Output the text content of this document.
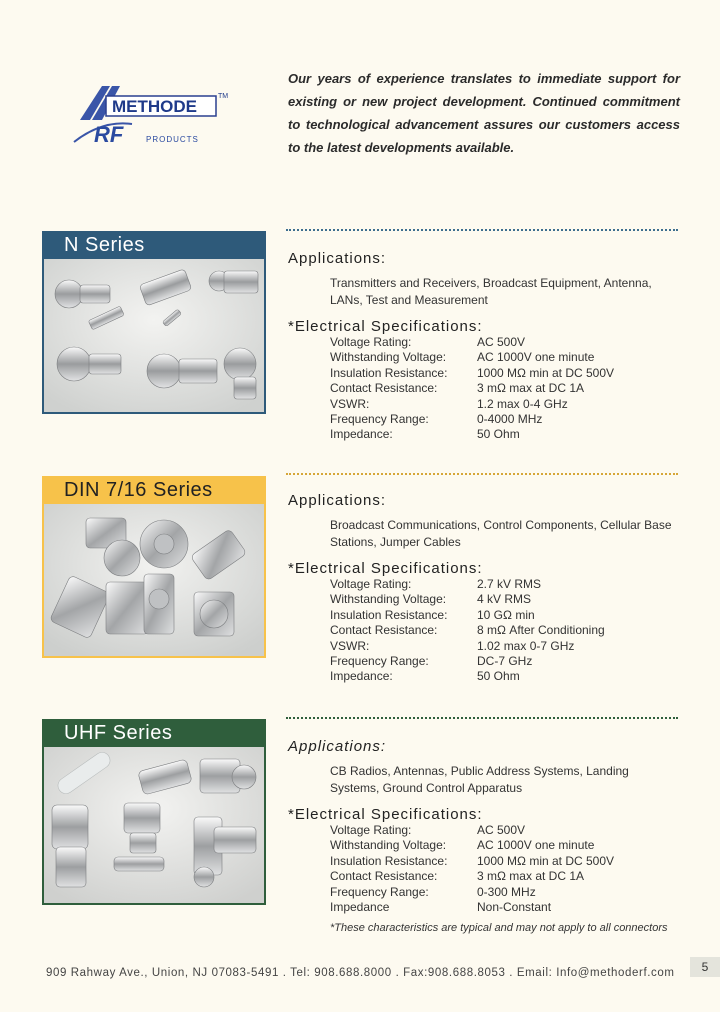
METHODE
TM
RF	PRODUCTS
Our years of experience translates to immediate support for existing or new project development. Continued commitment to technological advancement assures our customers access to the latest developments available.
N Series
Applications:
Transmitters and Receivers, Broadcast Equipment, Antenna, LANs, Test and Measurement
*Electrical Specifications:
Voltage Rating:	AC 500V
Withstanding Voltage:	AC 1000V one minute
Insulation Resistance:	1000 MΩ min at DC 500V
Contact Resistance:	3 mΩ max at DC 1A
VSWR:	1.2 max 0-4 GHz
Frequency Range:	0-4000 MHz
Impedance:	50 Ohm
DIN 7/16 Series	Applications:
Broadcast Communications, Control Components, Cellular Base Stations, Jumper Cables
*Electrical Specifications:
Voltage Rating:	2.7 kV RMS
Withstanding Voltage:	4 kV RMS
Insulation Resistance:	10 GΩ min
Contact Resistance:	8 mΩ After Conditioning
VSWR:	1.02 max 0-7 GHz
Frequency Range:	DC-7 GHz
Impedance:	50 Ohm
UHF Series
Applications:
CB Radios, Antennas, Public Address Systems, Landing Systems, Ground Control Apparatus
*Electrical Specifications:
Voltage Rating:	AC 500V
Withstanding Voltage:	AC 1000V one minute
Insulation Resistance:	1000 MΩ min at DC 500V
Contact Resistance:	3 mΩ max at DC 1A
Frequency Range:	0-300 MHz
Impedance	Non-Constant
*These characteristics are typical and may not apply to all connectors
909 Rahway Ave., Union, NJ 07083-5491 . Tel: 908.688.8000 . Fax:908.688.8053 . Email: Info@methoderf.com	5
